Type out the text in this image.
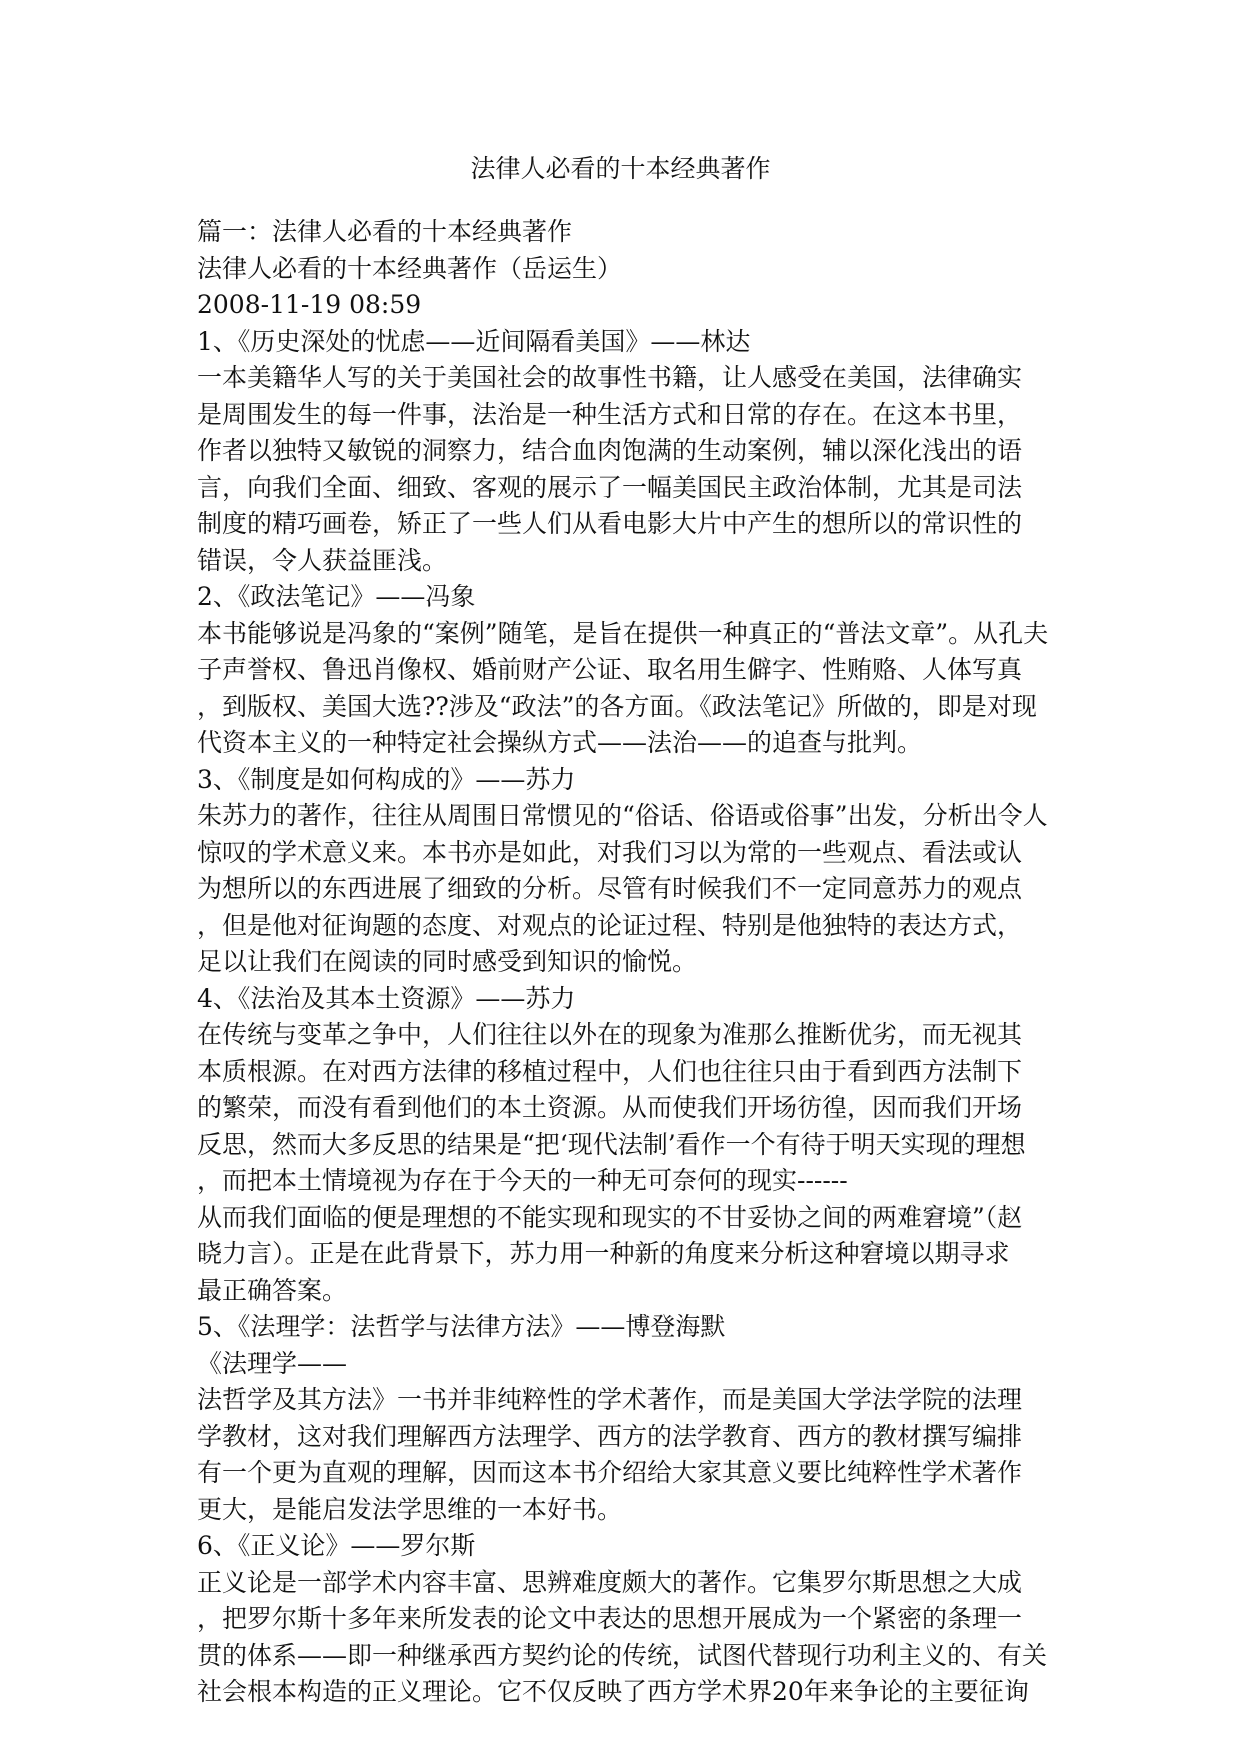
法律人必看的十本经典著作
篇一：法律人必看的十本经典著作
法律人必看的十本经典著作（岳运生）
2008-11-19 08:59
1、《历史深处的忧虑——近间隔看美国》——林达
一本美籍华人写的关于美国社会的故事性书籍，让人感受在美国，法律确实
是周围发生的每一件事，法治是一种生活方式和日常的存在。在这本书里，
作者以独特又敏锐的洞察力，结合血肉饱满的生动案例，辅以深化浅出的语
言，向我们全面、细致、客观的展示了一幅美国民主政治体制，尤其是司法
制度的精巧画卷，矫正了一些人们从看电影大片中产生的想所以的常识性的
错误，令人获益匪浅。
2、《政法笔记》——冯象
本书能够说是冯象的“案例”随笔，是旨在提供一种真正的“普法文章”。从孔夫
子声誉权、鲁迅肖像权、婚前财产公证、取名用生僻字、性贿赂、人体写真
，到版权、美国大选??涉及“政法”的各方面。《政法笔记》所做的，即是对现
代资本主义的一种特定社会操纵方式——法治——的追查与批判。
3、《制度是如何构成的》——苏力
朱苏力的著作，往往从周围日常惯见的“俗话、俗语或俗事”出发，分析出令人
惊叹的学术意义来。本书亦是如此，对我们习以为常的一些观点、看法或认
为想所以的东西进展了细致的分析。尽管有时候我们不一定同意苏力的观点
，但是他对征询题的态度、对观点的论证过程、特别是他独特的表达方式，
足以让我们在阅读的同时感受到知识的愉悦。
4、《法治及其本土资源》——苏力
在传统与变革之争中，人们往往以外在的现象为准那么推断优劣，而无视其
本质根源。在对西方法律的移植过程中，人们也往往只由于看到西方法制下
的繁荣，而没有看到他们的本土资源。从而使我们开场彷徨，因而我们开场
反思，然而大多反思的结果是“把‘现代法制’看作一个有待于明天实现的理想
，而把本土情境视为存在于今天的一种无可奈何的现实------
从而我们面临的便是理想的不能实现和现实的不甘妥协之间的两难窘境”（赵
晓力言）。正是在此背景下，苏力用一种新的角度来分析这种窘境以期寻求
最正确答案。
5、《法理学：法哲学与法律方法》——博登海默
《法理学——
法哲学及其方法》一书并非纯粹性的学术著作，而是美国大学法学院的法理
学教材，这对我们理解西方法理学、西方的法学教育、西方的教材撰写编排
有一个更为直观的理解，因而这本书介绍给大家其意义要比纯粹性学术著作
更大，是能启发法学思维的一本好书。
6、《正义论》——罗尔斯
正义论是一部学术内容丰富、思辨难度颇大的著作。它集罗尔斯思想之大成
，把罗尔斯十多年来所发表的论文中表达的思想开展成为一个紧密的条理一
贯的体系——即一种继承西方契约论的传统，试图代替现行功利主义的、有关
社会根本构造的正义理论。它不仅反映了西方学术界20年来争论的主要征询
